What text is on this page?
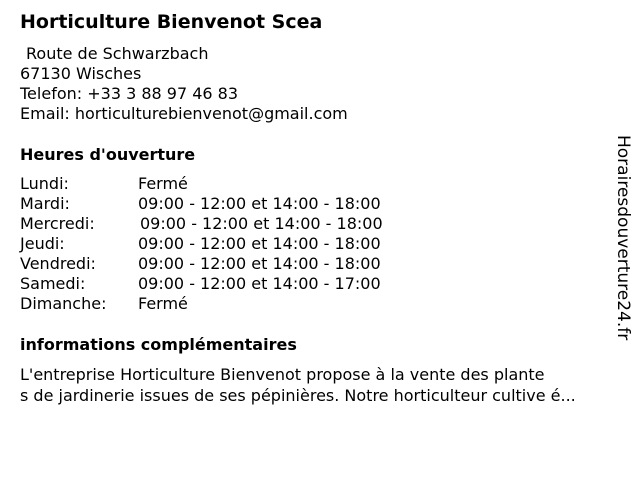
Horticulture Bienvenot Scea
Route de Schwarzbach
67130 Wisches
Telefon: +33 3 88 97 46 83
Email: horticulturebienvenot@gmail.com
Heures d'ouverture
Lundi:	Fermé
Mardi:	09:00 - 12:00 et 14:00 - 18:00
Mercredi:	09:00 - 12:00 et 14:00 - 18:00
Jeudi:	09:00 - 12:00 et 14:00 - 18:00
Vendredi:	09:00 - 12:00 et 14:00 - 18:00
Samedi:	09:00 - 12:00 et 14:00 - 17:00
Dimanche: Fermé
informations complémentaires
L'entreprise Horticulture Bienvenot propose à la vente des plante
s de jardinerie issues de ses pépinières. Notre horticulteur cultive é...
Horairesdouverture24.fr
